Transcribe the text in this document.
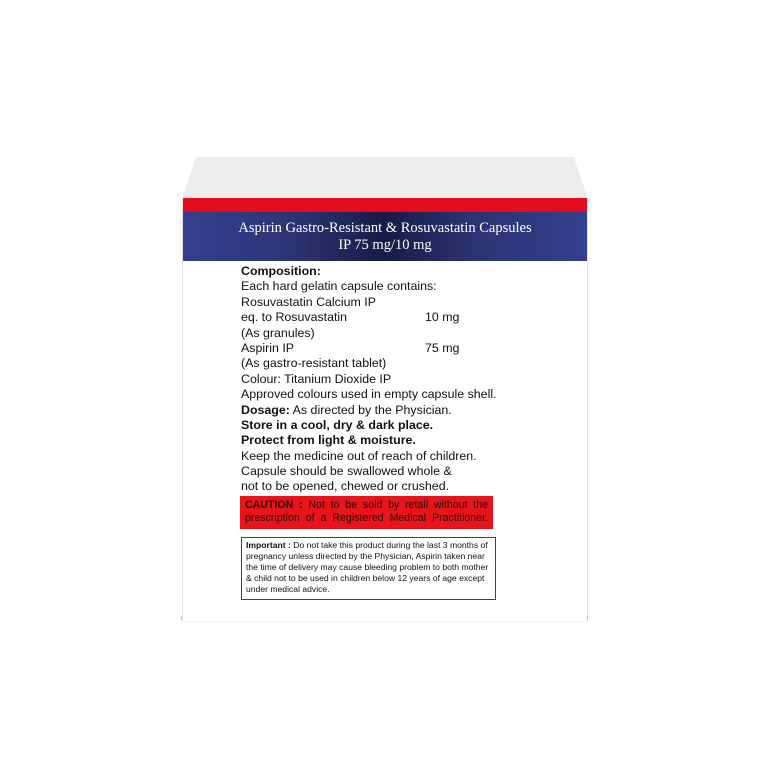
Aspirin Gastro-Resistant & Rosuvastatin Capsules
IP 75 mg/10 mg
Composition:
Each hard gelatin capsule contains:
Rosuvastatin Calcium IP
eq. to Rosuvastatin	10 mg
(As granules)
Aspirin IP	75 mg
(As gastro-resistant tablet)
Colour: Titanium Dioxide IP
Approved colours used in empty capsule shell.
Dosage: As directed by the Physician.
Store in a cool, dry & dark place.
Protect from light & moisture.
Keep the medicine out of reach of children.
Capsule should be swallowed whole &
not to be opened, chewed or crushed.
CAUTION : Not to be sold by retail without the prescription of a Registered Medical Practitioner.
Important : Do not take this product during the last 3 months of pregnancy unless directed by the Physician, Aspirin taken near the time of delivery may cause bleeding problem to both mother & child not to be used in children below 12 years of age except under medical advice.
